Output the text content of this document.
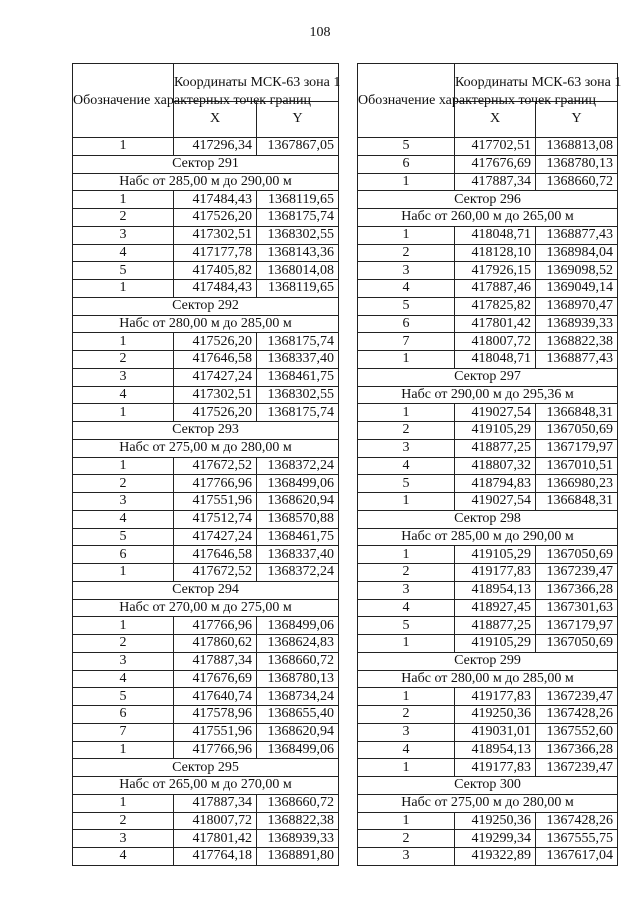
108
Обозначение характерных точек границ	Координаты МСК-63 зона 1	
	X	Y
1	417296,34	1367867,05
Сектор 291		
Набс от 285,00 м до 290,00 м		
1	417484,43	1368119,65
2	417526,20	1368175,74
3	417302,51	1368302,55
4	417177,78	1368143,36
5	417405,82	1368014,08
1	417484,43	1368119,65
Сектор 292		
Набс от 280,00 м до 285,00 м		
1	417526,20	1368175,74
2	417646,58	1368337,40
3	417427,24	1368461,75
4	417302,51	1368302,55
1	417526,20	1368175,74
Сектор 293		
Набс от 275,00 м до 280,00 м		
1	417672,52	1368372,24
2	417766,96	1368499,06
3	417551,96	1368620,94
4	417512,74	1368570,88
5	417427,24	1368461,75
6	417646,58	1368337,40
1	417672,52	1368372,24
Сектор 294		
Набс от 270,00 м до 275,00 м		
1	417766,96	1368499,06
2	417860,62	1368624,83
3	417887,34	1368660,72
4	417676,69	1368780,13
5	417640,74	1368734,24
6	417578,96	1368655,40
7	417551,96	1368620,94
1	417766,96	1368499,06
Сектор 295		
Набс от 265,00 м до 270,00 м		
1	417887,34	1368660,72
2	418007,72	1368822,38
3	417801,42	1368939,33
4	417764,18	1368891,80
Обозначение характерных точек границ	Координаты МСК-63 зона 1	
	X	Y
5	417702,51	1368813,08
6	417676,69	1368780,13
1	417887,34	1368660,72
Сектор 296		
Набс от 260,00 м до 265,00 м		
1	418048,71	1368877,43
2	418128,10	1368984,04
3	417926,15	1369098,52
4	417887,46	1369049,14
5	417825,82	1368970,47
6	417801,42	1368939,33
7	418007,72	1368822,38
1	418048,71	1368877,43
Сектор 297		
Набс от 290,00 м до 295,36 м		
1	419027,54	1366848,31
2	419105,29	1367050,69
3	418877,25	1367179,97
4	418807,32	1367010,51
5	418794,83	1366980,23
1	419027,54	1366848,31
Сектор 298		
Набс от 285,00 м до 290,00 м		
1	419105,29	1367050,69
2	419177,83	1367239,47
3	418954,13	1367366,28
4	418927,45	1367301,63
5	418877,25	1367179,97
1	419105,29	1367050,69
Сектор 299		
Набс от 280,00 м до 285,00 м		
1	419177,83	1367239,47
2	419250,36	1367428,26
3	419031,01	1367552,60
4	418954,13	1367366,28
1	419177,83	1367239,47
Сектор 300		
Набс от 275,00 м до 280,00 м		
1	419250,36	1367428,26
2	419299,34	1367555,75
3	419322,89	1367617,04
